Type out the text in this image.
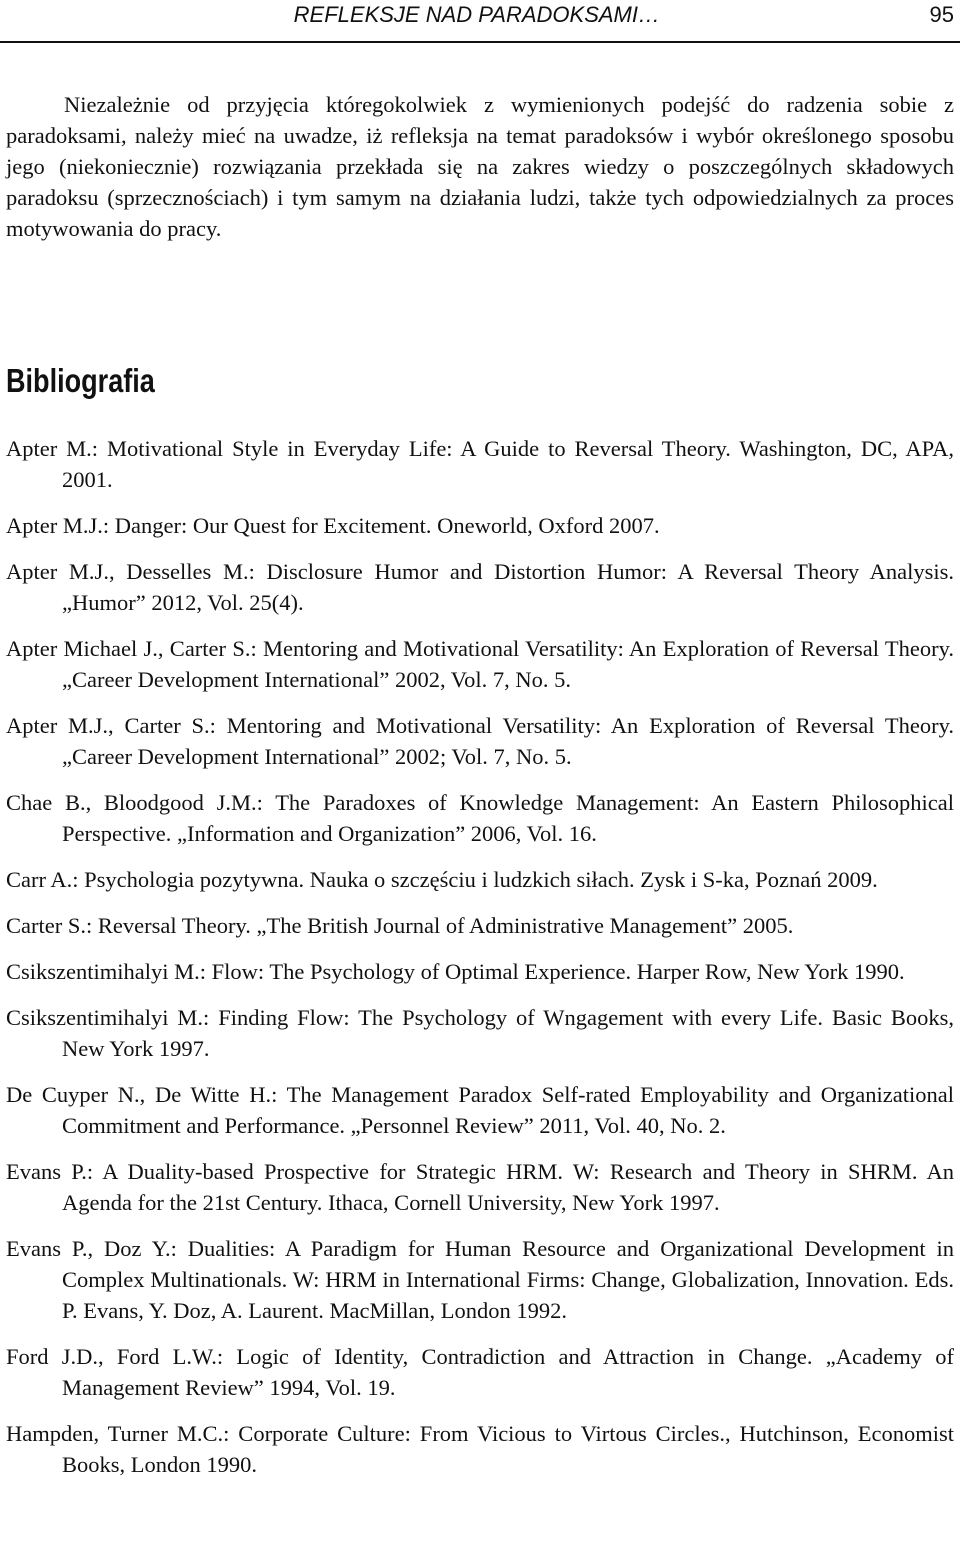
REFLEKSJE NAD PARADOKSAMI…	95

Niezależnie od przyjęcia któregokolwiek z wymienionych podejść do radzenia sobie z paradoksami, należy mieć na uwadze, iż refleksja na temat paradoksów i wybór określonego sposobu jego (niekoniecznie) rozwiązania przekłada się na zakres wiedzy o poszczególnych składowych paradoksu (sprzecznościach) i tym samym na działania ludzi, także tych odpowiedzialnych za proces motywowania do pracy.

Bibliografia
Apter M.: Motivational Style in Everyday Life: A Guide to Reversal Theory. Washington, DC, APA, 2001.
Apter M.J.: Danger: Our Quest for Excitement. Oneworld, Oxford 2007.
Apter M.J., Desselles M.: Disclosure Humor and Distortion Humor: A Reversal Theory Analysis. „Humor” 2012, Vol. 25(4).
Apter Michael J., Carter S.: Mentoring and Motivational Versatility: An Exploration of Reversal Theory. „Career Development International” 2002, Vol. 7, No. 5.
Apter M.J., Carter S.: Mentoring and Motivational Versatility: An Exploration of Reversal Theory. „Career Development International” 2002; Vol. 7, No. 5.
Chae B., Bloodgood J.M.: The Paradoxes of Knowledge Management: An Eastern Philosophical Perspective. „Information and Organization” 2006, Vol. 16.
Carr A.: Psychologia pozytywna. Nauka o szczęściu i ludzkich siłach. Zysk i S-ka, Poznań 2009.
Carter S.: Reversal Theory. „The British Journal of Administrative Management” 2005.
Csikszentimihalyi M.: Flow: The Psychology of Optimal Experience. Harper Row, New York 1990.
Csikszentimihalyi M.: Finding Flow: The Psychology of Wngagement with every Life. Basic Books, New York 1997.
De Cuyper N., De Witte H.: The Management Paradox Self-rated Employability and Organizational Commitment and Performance. „Personnel Review” 2011, Vol. 40, No. 2.
Evans P.: A Duality-based Prospective for Strategic HRM. W: Research and Theory in SHRM. An Agenda for the 21st Century. Ithaca, Cornell University, New York 1997.
Evans P., Doz Y.: Dualities: A Paradigm for Human Resource and Organizational Development in Complex Multinationals. W: HRM in International Firms: Change, Globalization, Innovation. Eds. P. Evans, Y. Doz, A. Laurent. MacMillan, London 1992.
Ford J.D., Ford L.W.: Logic of Identity, Contradiction and Attraction in Change. „Academy of Management Review” 1994, Vol. 19.
Hampden, Turner M.C.: Corporate Culture: From Vicious to Virtous Circles., Hutchinson, Economist Books, London 1990.
